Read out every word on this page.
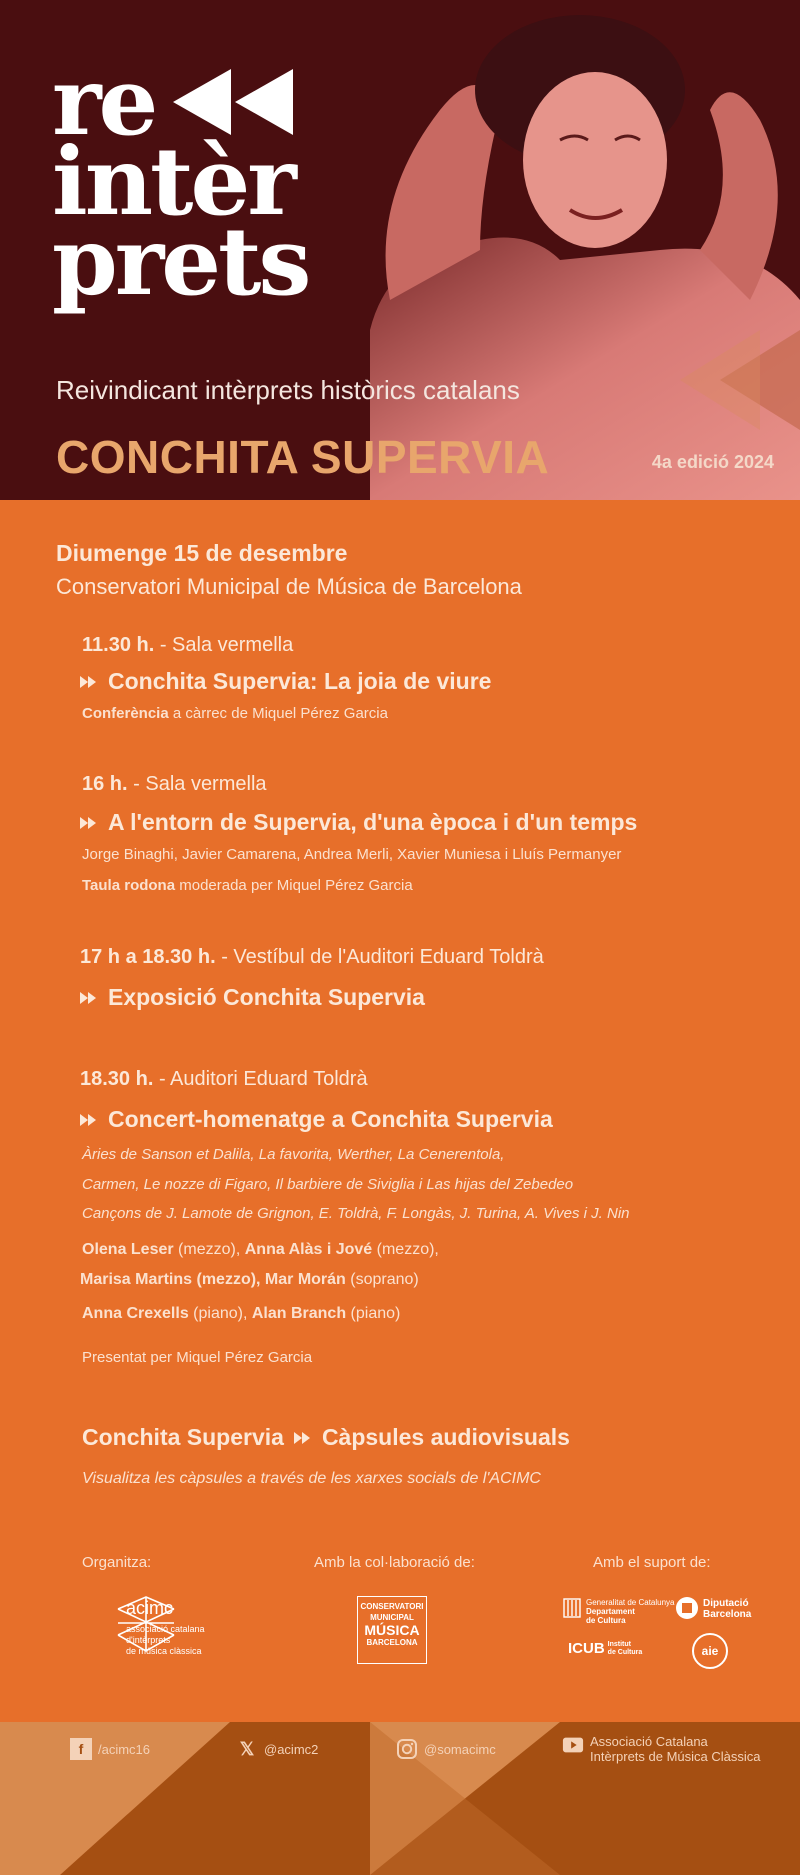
re
intèr
prets
Reivindicant intèrprets històrics catalans
CONCHITA SUPERVIA	4a edició 2024
Diumenge 15 de desembre
Conservatori Municipal de Música de Barcelona
11.30 h. - Sala vermella
Conchita Supervia: La joia de viure
Conferència a càrrec de Miquel Pérez Garcia
16 h. - Sala vermella
A l'entorn de Supervia, d'una època i d'un temps
Jorge Binaghi, Javier Camarena, Andrea Merli, Xavier Muniesa i Lluís Permanyer
Taula rodona moderada per Miquel Pérez Garcia
17 h a 18.30 h. - Vestíbul de l'Auditori Eduard Toldrà
Exposició Conchita Supervia
18.30 h. - Auditori Eduard Toldrà
Concert-homenatge a Conchita Supervia
Àries de Sanson et Dalila, La favorita, Werther, La Cenerentola,
Carmen, Le nozze di Figaro, Il barbiere de Siviglia i Las hijas del Zebedeo
Cançons de J. Lamote de Grignon, E. Toldrà, F. Longàs, J. Turina, A. Vives i J. Nin
Olena Leser (mezzo), Anna Alàs i Jové (mezzo),
Marisa Martins (mezzo), Mar Morán (soprano)
Anna Crexells (piano), Alan Branch (piano)
Presentat per Miquel Pérez Garcia
Conchita Supervia Càpsules audiovisuals
Visualitza les càpsules a través de les xarxes socials de l'ACIMC
Organitza:	Amb la col·laboració de:	Amb el suport de:
acimc
associació catalana
d'intèrprets
de música clàssica
CONSERVATORI
MUNICIPAL
MÚSICA
BARCELONA
Generalitat de Catalunya
Departament
de Cultura
Diputació
Barcelona
ICUB Institut
de Cultura	aie
f	/acimc16	𝕏 @acimc2	@somacimc	Associació Catalana
Intèrprets de Música Clàssica
